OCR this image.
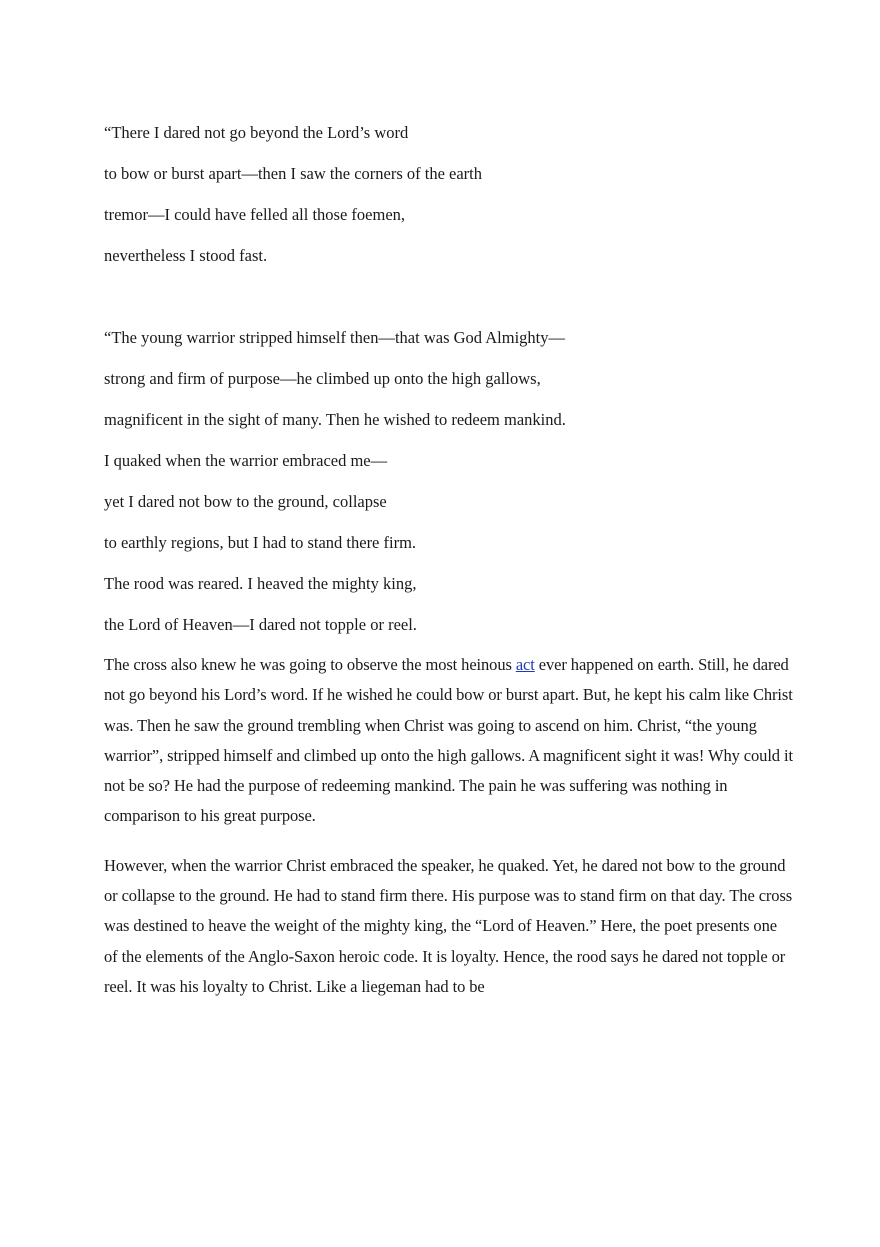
“There I dared not go beyond the Lord’s word
to bow or burst apart—then I saw the corners of the earth
tremor—I could have felled all those foemen,
nevertheless I stood fast.
“The young warrior stripped himself then—that was God Almighty—
strong and firm of purpose—he climbed up onto the high gallows,
magnificent in the sight of many. Then he wished to redeem mankind.
I quaked when the warrior embraced me—
yet I dared not bow to the ground, collapse
to earthly regions, but I had to stand there firm.
The rood was reared. I heaved the mighty king,
the Lord of Heaven—I dared not topple or reel.

The cross also knew he was going to observe the most heinous act ever happened on earth. Still, he dared not go beyond his Lord’s word. If he wished he could bow or burst apart. But, he kept his calm like Christ was. Then he saw the ground trembling when Christ was going to ascend on him. Christ, “the young warrior”, stripped himself and climbed up onto the high gallows. A magnificent sight it was! Why could it not be so? He had the purpose of redeeming mankind. The pain he was suffering was nothing in comparison to his great purpose.

However, when the warrior Christ embraced the speaker, he quaked. Yet, he dared not bow to the ground or collapse to the ground. He had to stand firm there. His purpose was to stand firm on that day. The cross was destined to heave the weight of the mighty king, the “Lord of Heaven.” Here, the poet presents one of the elements of the Anglo-Saxon heroic code. It is loyalty. Hence, the rood says he dared not topple or reel. It was his loyalty to Christ. Like a liegeman had to be
